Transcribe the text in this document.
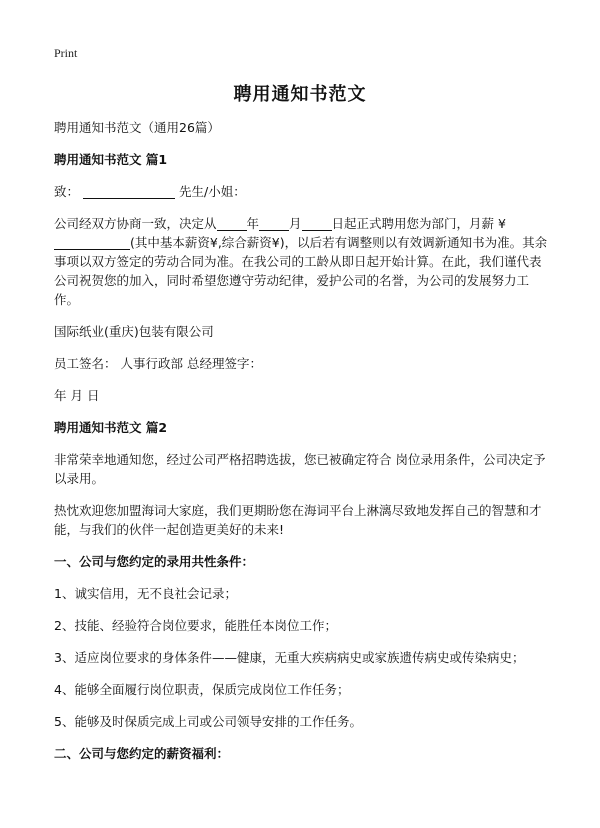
Print
聘用通知书范文

聘用通知书范文（通用26篇）

聘用通知书范文 篇1

致：	先生/小姐：

公司经双方协商一致，决定从 年 月 日起正式聘用您为部门，月薪 ¥(其中基本薪资¥,综合薪资¥)，以后若有调整则以有效调新通知书为准。其余事项以双方签定的劳动合同为准。在我公司的工龄从即日起开始计算。在此，我们谨代表公司祝贺您的加入，同时希望您遵守劳动纪律，爱护公司的名誉，为公司的发展努力工作。

国际纸业(重庆)包装有限公司

员工签名： 人事行政部 总经理签字：

年 月 日

聘用通知书范文 篇2

非常荣幸地通知您，经过公司严格招聘选拔，您已被确定符合 岗位录用条件，公司决定予以录用。

热忱欢迎您加盟海词大家庭，我们更期盼您在海词平台上淋漓尽致地发挥自己的智慧和才能，与我们的伙伴一起创造更美好的未来!

一、公司与您约定的录用共性条件：

1、诚实信用，无不良社会记录；

2、技能、经验符合岗位要求，能胜任本岗位工作；

3、适应岗位要求的身体条件——健康，无重大疾病病史或家族遗传病史或传染病史；

4、能够全面履行岗位职责，保质完成岗位工作任务；

5、能够及时保质完成上司或公司领导安排的工作任务。

二、公司与您约定的薪资福利：
